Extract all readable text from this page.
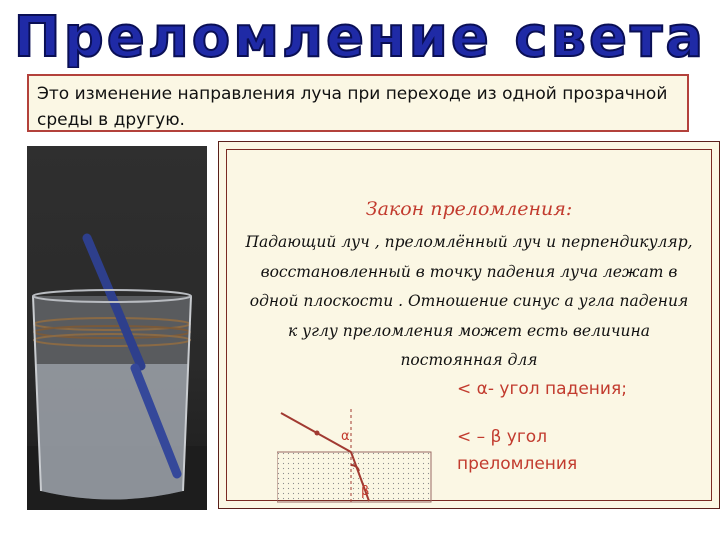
Преломление света
Это изменение направления луча при переходе из одной прозрачной среды в другую.
Закон преломления:
Падающий луч , преломлённый луч и перпендикуляр,
восстановленный в точку падения луча лежат в
одной плоскости . Отношение синус а угла падения
к углу преломления может есть величина
постоянная для
< α- угол падения;
< – β угол преломления
α
β
